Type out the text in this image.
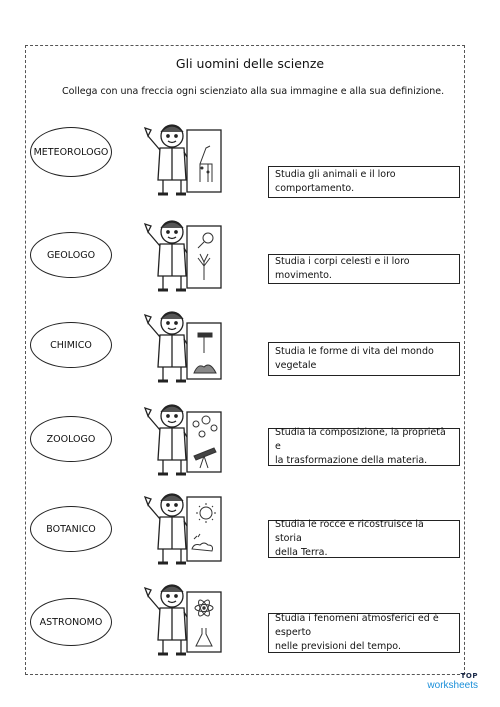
Gli uomini delle scienze
Collega con una freccia ogni scienziato alla sua immagine e alla sua definizione.
METEOROLOGO
Studia gli animali e il loro comportamento.
GEOLOGO
Studia i corpi celesti e il loro movimento.
CHIMICO
Studia le forme di vita del mondo vegetale
ZOOLOGO
Studia la composizione, la proprietà e
la trasformazione della materia.
BOTANICO	Studia le rocce e ricostruisce la storia
della Terra.
ASTRONOMO	Studia i fenomeni atmosferici ed è esperto
nelle previsioni del tempo.
TOP
worksheets
